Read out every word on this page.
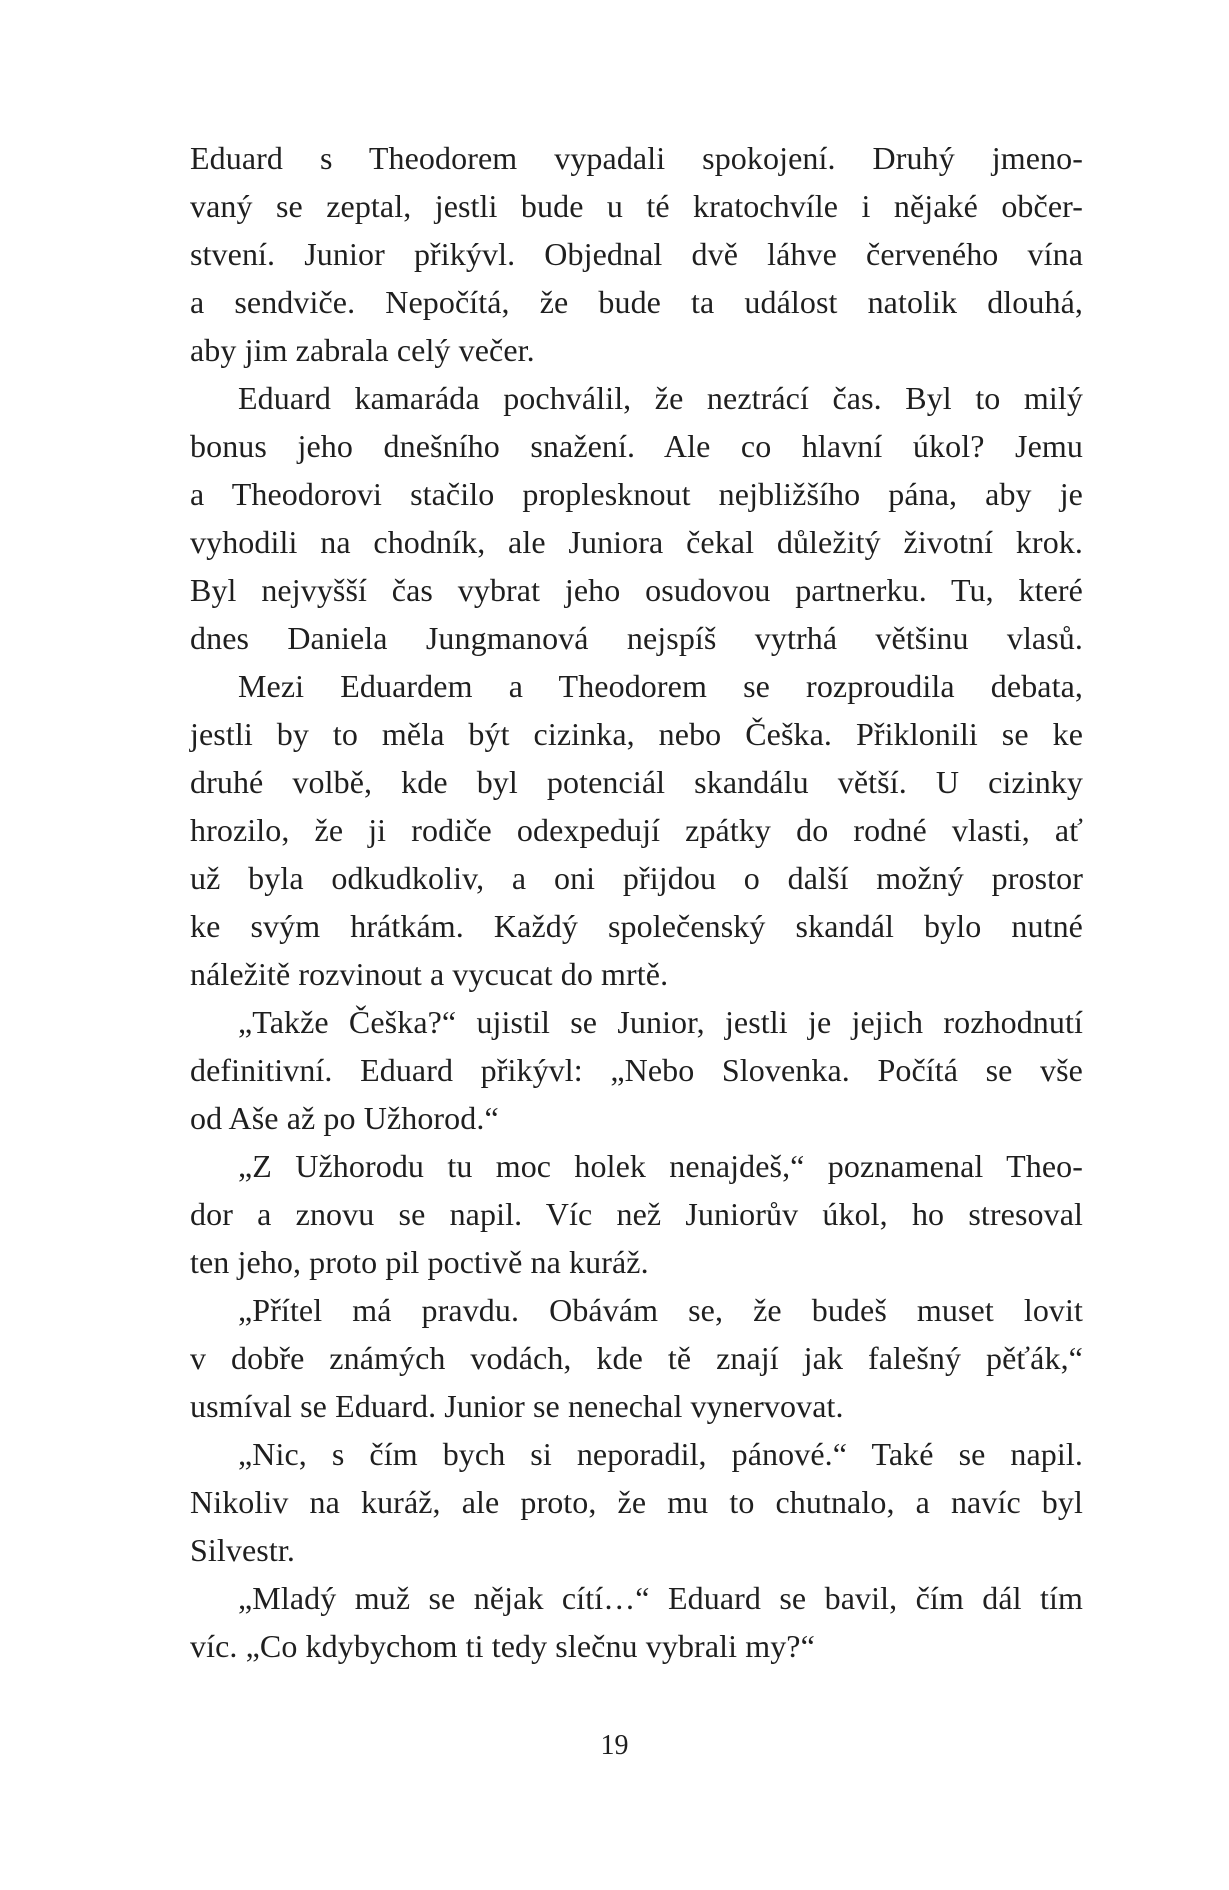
Eduard s Theodorem vypadali spokojení. Druhý jmeno-
vaný se zeptal, jestli bude u té kratochvíle i nějaké občer-
stvení. Junior přikývl. Objednal dvě láhve červeného vína
a sendviče. Nepočítá, že bude ta událost natolik dlouhá,
aby jim zabrala celý večer.

Eduard kamaráda pochválil, že neztrácí čas. Byl to milý
bonus jeho dnešního snažení. Ale co hlavní úkol? Jemu
a Theodorovi stačilo proplesknout nejbližšího pána, aby je
vyhodili na chodník, ale Juniora čekal důležitý životní krok.
Byl nejvyšší čas vybrat jeho osudovou partnerku. Tu, které
dnes Daniela Jungmanová nejspíš vytrhá většinu vlasů.

Mezi Eduardem a Theodorem se rozproudila debata,
jestli by to měla být cizinka, nebo Češka. Přiklonili se ke
druhé volbě, kde byl potenciál skandálu větší. U cizinky
hrozilo, že ji rodiče odexpedují zpátky do rodné vlasti, ať
už byla odkudkoliv, a oni přijdou o další možný prostor
ke svým hrátkám. Každý společenský skandál bylo nutné
náležitě rozvinout a vycucat do mrtě.

„Takže Češka?“ ujistil se Junior, jestli je jejich rozhodnutí
definitivní. Eduard přikývl: „Nebo Slovenka. Počítá se vše
od Aše až po Užhorod.“

„Z Užhorodu tu moc holek nenajdeš,“ poznamenal Theo-
dor a znovu se napil. Víc než Juniorův úkol, ho stresoval
ten jeho, proto pil poctivě na kuráž.

„Přítel má pravdu. Obávám se, že budeš muset lovit
v dobře známých vodách, kde tě znají jak falešný pěťák,“
usmíval se Eduard. Junior se nenechal vynervovat.

„Nic, s čím bych si neporadil, pánové.“ Také se napil.
Nikoliv na kuráž, ale proto, že mu to chutnalo, a navíc byl
Silvestr.

„Mladý muž se nějak cítí…“ Eduard se bavil, čím dál tím
víc. „Co kdybychom ti tedy slečnu vybrali my?“

19
